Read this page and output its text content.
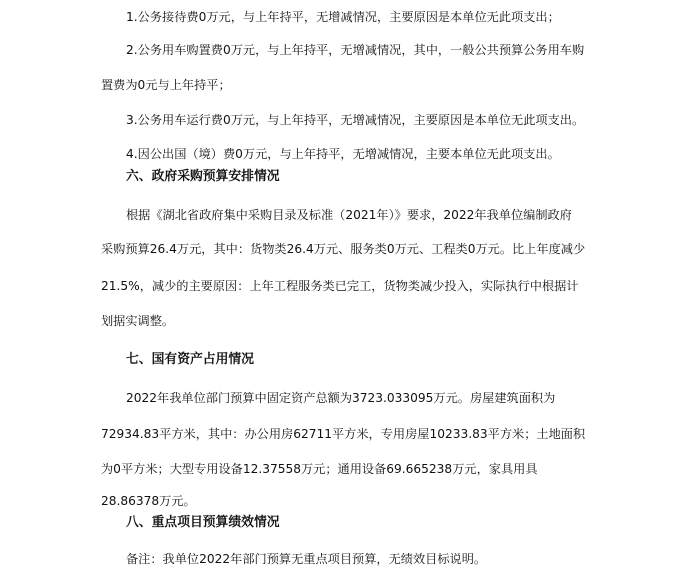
1.公务接待费0万元，与上年持平，无增减情况，主要原因是本单位无此项支出；
2.公务用车购置费0万元，与上年持平，无增减情况，其中，一般公共预算公务用车购
置费为0元与上年持平；
3.公务用车运行费0万元，与上年持平，无增减情况，主要原因是本单位无此项支出。
4.因公出国（境）费0万元，与上年持平，无增减情况，主要本单位无此项支出。
六、政府采购预算安排情况
根据《湖北省政府集中采购目录及标准（2021年）》要求，2022年我单位编制政府
采购预算26.4万元，其中：货物类26.4万元、服务类0万元、工程类0万元。比上年度减少
21.5%，减少的主要原因：上年工程服务类已完工，货物类减少投入，实际执行中根据计
划据实调整。
七、国有资产占用情况
2022年我单位部门预算中固定资产总额为3723.033095万元。房屋建筑面积为
72934.83平方米，其中：办公用房62711平方米，专用房屋10233.83平方米；土地面积
为0平方米；大型专用设备12.37558万元；通用设备69.665238万元，家具用具
28.86378万元。
八、重点项目预算绩效情况
备注：我单位2022年部门预算无重点项目预算，无绩效目标说明。
